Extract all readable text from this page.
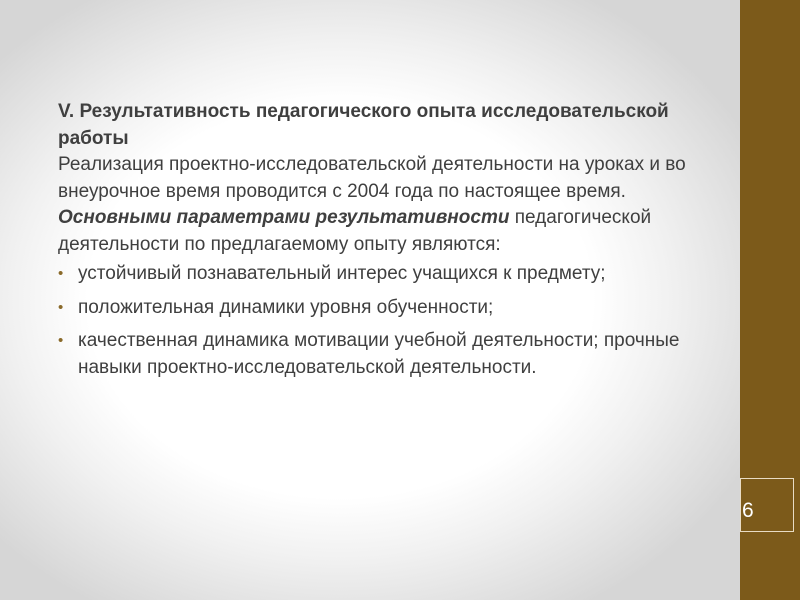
6
V. Результативность педагогического опыта исследовательской работы

Реализация проектно-исследовательской деятельности на уроках и во внеурочное время проводится с 2004 года по настоящее время.

Основными параметрами результативности педагогической деятельности по предлагаемому опыту являются:

• устойчивый познавательный интерес учащихся к предмету;
• положительная динамики уровня обученности;
• качественная динамика мотивации учебной деятельности; прочные навыки проектно-исследовательской деятельности.
